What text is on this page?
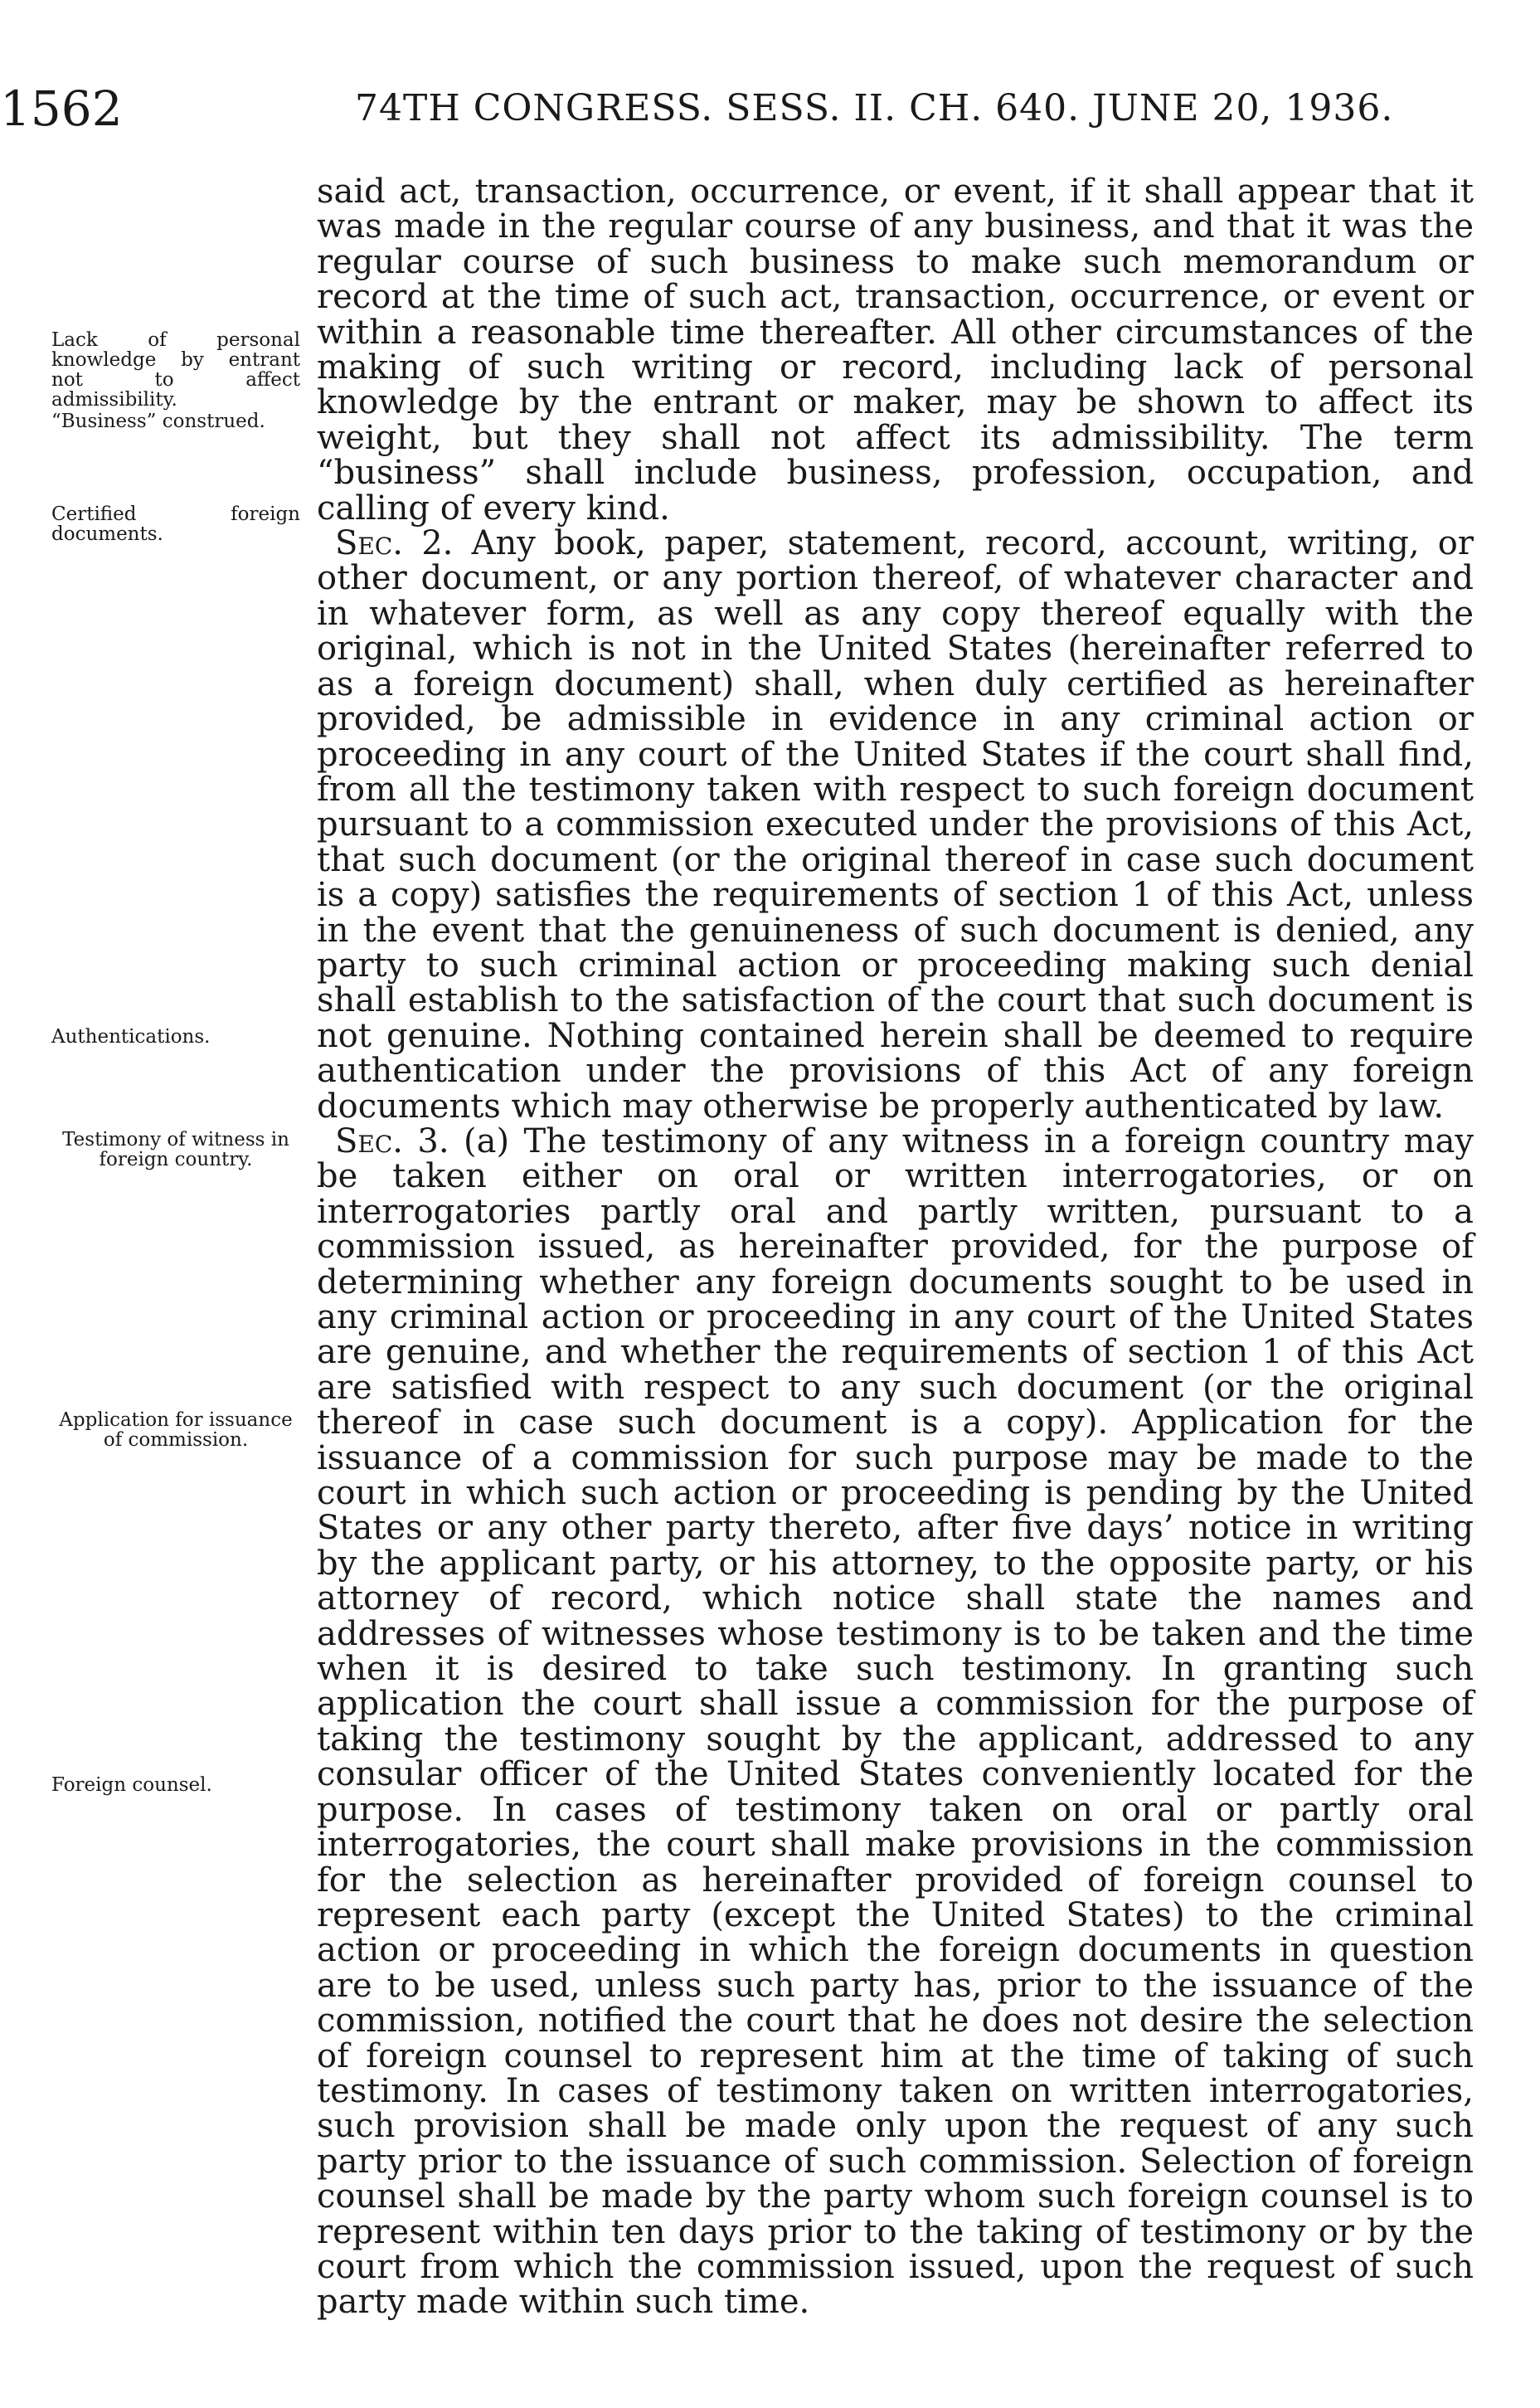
1562	74TH CONGRESS. SESS. II. CH. 640. JUNE 20, 1936.
Lack of personal knowledge by entrant not to affect admissibility.
“Business” construed.
Certified foreign documents.
Authentications.
Testimony of witness in foreign country.
Application for issuance of commission.
Foreign counsel.

said act, transaction, occurrence, or event, if it shall appear that it was made in the regular course of any business, and that it was the regular course of such business to make such memorandum or record at the time of such act, transaction, occurrence, or event or within a reasonable time thereafter. All other circumstances of the making of such writing or record, including lack of personal knowledge by the entrant or maker, may be shown to affect its weight, but they shall not affect its admissibility. The term “business” shall include business, profession, occupation, and calling of every kind.

Sec. 2. Any book, paper, statement, record, account, writing, or other document, or any portion thereof, of whatever character and in whatever form, as well as any copy thereof equally with the original, which is not in the United States (hereinafter referred to as a foreign document) shall, when duly certified as hereinafter provided, be admissible in evidence in any criminal action or proceeding in any court of the United States if the court shall find, from all the testimony taken with respect to such foreign document pursuant to a commission executed under the provisions of this Act, that such document (or the original thereof in case such document is a copy) satisfies the requirements of section 1 of this Act, unless in the event that the genuineness of such document is denied, any party to such criminal action or proceeding making such denial shall establish to the satisfaction of the court that such document is not genuine. Nothing contained herein shall be deemed to require authentication under the provisions of this Act of any foreign documents which may otherwise be properly authenticated by law.

Sec. 3. (a) The testimony of any witness in a foreign country may be taken either on oral or written interrogatories, or on interrogatories partly oral and partly written, pursuant to a commission issued, as hereinafter provided, for the purpose of determining whether any foreign documents sought to be used in any criminal action or proceeding in any court of the United States are genuine, and whether the requirements of section 1 of this Act are satisfied with respect to any such document (or the original thereof in case such document is a copy). Application for the issuance of a commission for such purpose may be made to the court in which such action or proceeding is pending by the United States or any other party thereto, after five days’ notice in writing by the applicant party, or his attorney, to the opposite party, or his attorney of record, which notice shall state the names and addresses of witnesses whose testimony is to be taken and the time when it is desired to take such testimony. In granting such application the court shall issue a commission for the purpose of taking the testimony sought by the applicant, addressed to any consular officer of the United States conveniently located for the purpose. In cases of testimony taken on oral or partly oral interrogatories, the court shall make provisions in the commission for the selection as hereinafter provided of foreign counsel to represent each party (except the United States) to the criminal action or proceeding in which the foreign documents in question are to be used, unless such party has, prior to the issuance of the commission, notified the court that he does not desire the selection of foreign counsel to represent him at the time of taking of such testimony. In cases of testimony taken on written interrogatories, such provision shall be made only upon the request of any such party prior to the issuance of such commission. Selection of foreign counsel shall be made by the party whom such foreign counsel is to represent within ten days prior to the taking of testimony or by the court from which the commission issued, upon the request of such party made within such time.
